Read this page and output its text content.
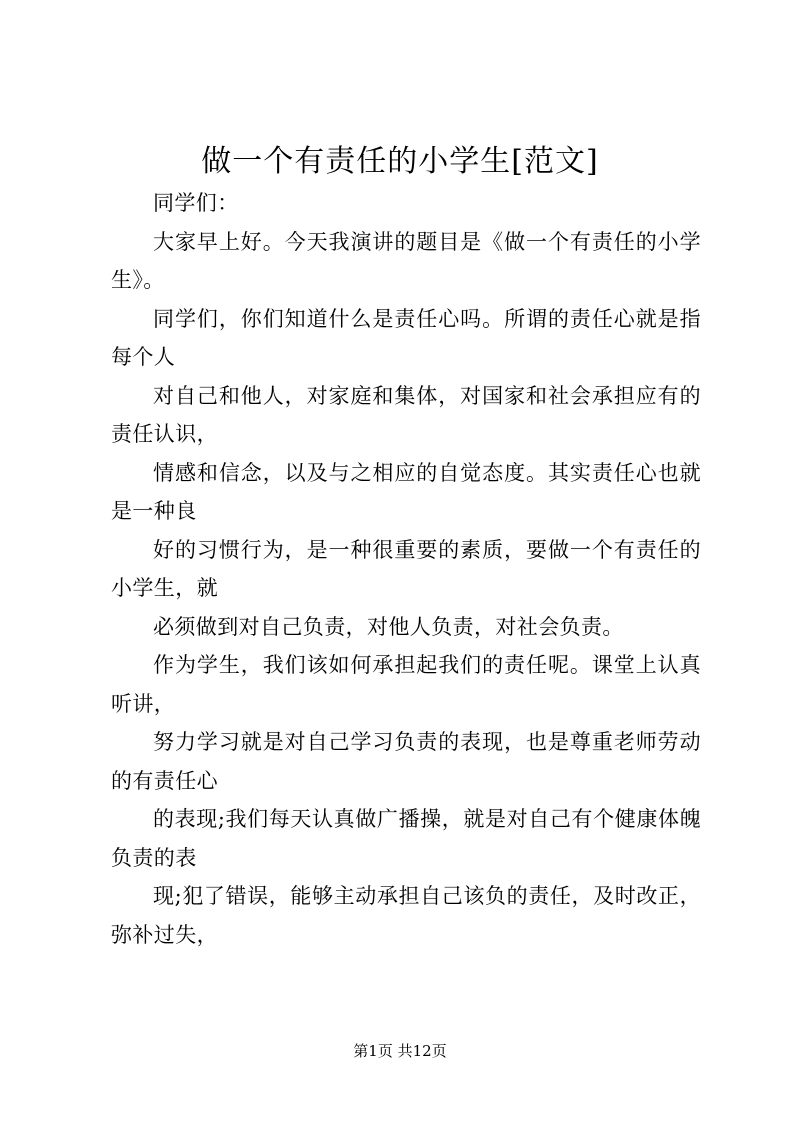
做一个有责任的小学生[范文]

同学们：

大家早上好。今天我演讲的题目是《做一个有责任的小学生》。

同学们，你们知道什么是责任心吗。所谓的责任心就是指每个人

对自己和他人，对家庭和集体，对国家和社会承担应有的责任认识，

情感和信念，以及与之相应的自觉态度。其实责任心也就是一种良

好的习惯行为，是一种很重要的素质，要做一个有责任的小学生，就

必须做到对自己负责，对他人负责，对社会负责。

作为学生，我们该如何承担起我们的责任呢。课堂上认真听讲，

努力学习就是对自己学习负责的表现，也是尊重老师劳动的有责任心

的表现;我们每天认真做广播操，就是对自己有个健康体魄负责的表

现;犯了错误，能够主动承担自己该负的责任，及时改正，弥补过失，

第1页 共12页
